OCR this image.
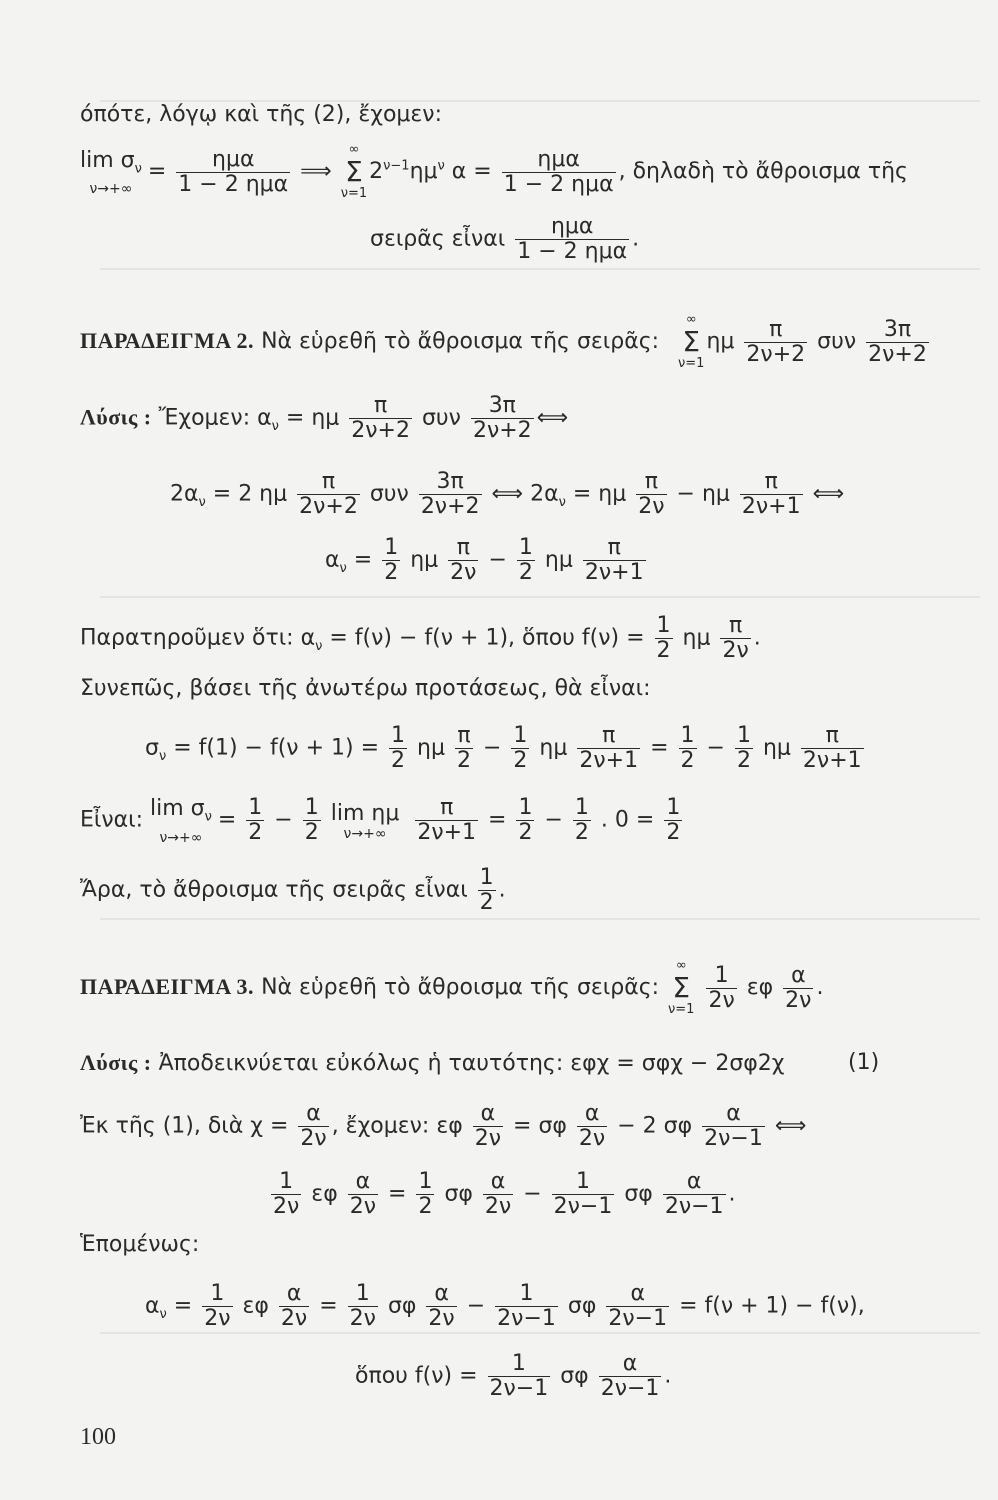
όπότε, λόγῳ καὶ τῆς (2), ἔχομεν:
$\lim \sigma_\nu$
ν→+∞
= $\frac{\text{ημα}}{\text{1 − 2 ημα}}$ ⟹
∞
Σ
ν=1
$2^{\nu-1}\eta\mu^\nu$ $\alpha = \frac{\text{ημα}}{\text{1 − 2 ημα}}$ , δηλαδὴ τὸ ἄθροισμα τῆς
σειρᾶς εἶναι $\frac{\text{ημα}}{\text{1 − 2 ημα}}$ .
ΠΑΡΑΔΕΙΓΜΑ 2. Νὰ εὑρεθῆ τὸ ἄθροισμα τῆς σειρᾶς:
∞
Σ
ν=1
ημ $\frac{\pi}{2\nu+2}$ συν $\frac{3\pi}{2\nu+2}$
Λύσις : Ἔχομεν: $\alpha_\nu = \eta\mu \frac{\pi}{2\nu+2}$ συν $\frac{3\pi}{2\nu+2}$ ⟺
$2\alpha_\nu = 2$ ημ $\frac{\pi}{2\nu+2}$ συν $\frac{3\pi}{2\nu+2}$ ⟺ $2\alpha_\nu = \eta\mu \frac{\pi}{2\nu} - \eta\mu \frac{\pi}{2\nu+1}$ ⟺
$\alpha_\nu = \frac{1}{2}$ ημ $\frac{\pi}{2\nu} - \frac{1}{2}$ ημ $\frac{\pi}{2\nu+1}$
Παρατηροῦμεν ὅτι: $\alpha_\nu = f(\nu) - f(\nu + 1)$, ὅπου $f(\nu) = \frac{1}{2}$ ημ $\frac{\pi}{2\nu}$ .
Συνεπῶς, βάσει τῆς ἀνωτέρω προτάσεως, θὰ εἶναι:
$\sigma_\nu = f(1) - f(\nu + 1) = \frac{1}{2}$ ημ $\frac{\pi}{2} - \frac{1}{2}$ ημ $\frac{\pi}{2\nu+1} = \frac{1}{2} - \frac{1}{2}$ ημ $\frac{\pi}{2\nu+1}$
Εἶναι: $\lim \sigma_\nu$
ν→+∞
= $\frac{1}{2} - \frac{1}{2}$
lim ημ
ν→+∞
	$\frac{\pi}{2\nu+1} = \frac{1}{2} - \frac{1}{2}$ . $0 = \frac{1}{2}$
Ἄρα, τὸ ἄθροισμα τῆς σειρᾶς εἶναι $\frac{1}{2}$ .
ΠΑΡΑΔΕΙΓΜΑ 3. Νὰ εὑρεθῆ τὸ ἄθροισμα τῆς σειρᾶς:
∞
Σ
ν=1
$\frac{1}{2\nu}$ εφ $\frac{\alpha}{2\nu}$ .
Λύσις : Ἀποδεικνύεται εὐκόλως ἡ ταυτότης: εφχ = σφχ − 2σφ2χ	(1)
Ἐκ τῆς (1), διὰ $\chi = \frac{\alpha}{2\nu}$ , ἔχομεν: εφ $\frac{\alpha}{2\nu} = \sigma\varphi \frac{\alpha}{2\nu} - 2$ σφ $\frac{\alpha}{2\nu-1}$ ⟺
$\frac{1}{2\nu}$ εφ $\frac{\alpha}{2\nu} = \frac{1}{2}$ σφ $\frac{\alpha}{2\nu} - \frac{1}{2\nu-1}$ σφ $\frac{\alpha}{2\nu-1}$ .
Ἑπομένως:
$\alpha_\nu = \frac{1}{2\nu}$ εφ $\frac{\alpha}{2\nu} = \frac{1}{2\nu}$ σφ $\frac{\alpha}{2\nu} - \frac{1}{2\nu-1}$ σφ $\frac{\alpha}{2\nu-1} = f(\nu + 1) - f(\nu)$,
ὅπου $f(\nu) = \frac{1}{2\nu-1}$ σφ $\frac{\alpha}{2\nu-1}$ .
100
